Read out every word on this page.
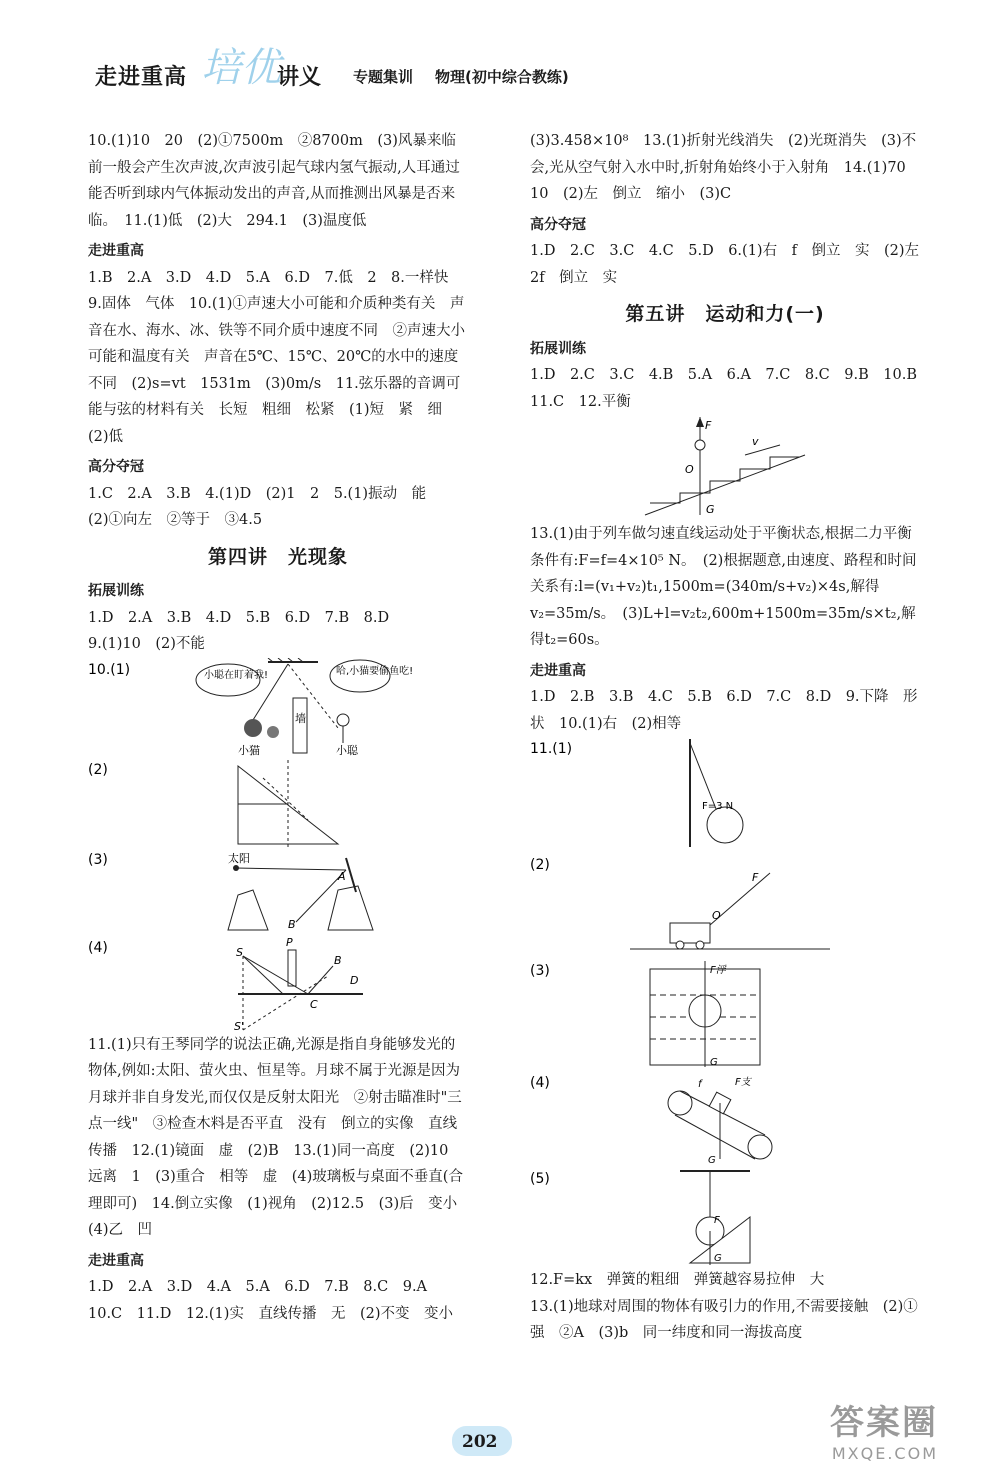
走进重高 培优
讲义 专题集训 物理(初中综合教练)

10.(1)10　20　(2)①7500m　②8700m　(3)风暴来临前一般会产生次声波,次声波引起气球内氢气振动,人耳通过能否听到球内气体振动发出的声音,从而推测出风暴是否来临。　11.(1)低　(2)大　294.1　(3)温度低

走进重高

1.B　2.A　3.D　4.D　5.A　6.D　7.低　2　8.一样快　9.固体　气体　10.(1)①声速大小可能和介质种类有关　声音在水、海水、冰、铁等不同介质中速度不同　②声速大小可能和温度有关　声音在5℃、15℃、20℃的水中的速度不同　(2)s=vt　1531m　(3)0m/s　11.弦乐器的音调可能与弦的材料有关　长短　粗细　松紧　(1)短　紧　细　(2)低

高分夺冠

1.C　2.A　3.B　4.(1)D　(2)1　2　5.(1)振动　能　(2)①向左　②等于　③4.5

第四讲　光现象
拓展训练

1.D　2.A　3.B　4.D　5.B　6.D　7.B　8.D

9.(1)10　(2)不能

10.(1)
墙
小聪在盯着我!	哈,小猫要偷鱼吃!
小猫	小聪
(2)
(3)	太阳
A
B
(4)	S
P
C
B
D
S'

11.(1)只有王琴同学的说法正确,光源是指自身能够发光的物体,例如:太阳、萤火虫、恒星等。月球不属于光源是因为月球并非自身发光,而仅仅是反射太阳光　②射击瞄准时"三点一线"　③检查木料是否平直　没有　倒立的实像　直线传播　12.(1)镜面　虚　(2)B　13.(1)同一高度　(2)10　远离　1　(3)重合　相等　虚　(4)玻璃板与桌面不垂直(合理即可)　14.倒立实像　(1)视角　(2)12.5　(3)后　变小　(4)乙　凹

走进重高

1.D　2.A　3.D　4.A　5.A　6.D　7.B　8.C　9.A　10.C　11.D　12.(1)实　直线传播　无　(2)不变　变小

(3)3.458×10⁸　13.(1)折射光线消失　(2)光斑消失　(3)不会,光从空气射入水中时,折射角始终小于入射角　14.(1)70　10　(2)左　倒立　缩小　(3)C

高分夺冠

1.D　2.C　3.C　4.C　5.D　6.(1)右　f　倒立　实　(2)左　2f　倒立　实

第五讲　运动和力(一)
拓展训练

1.D　2.C　3.C　4.B　5.A　6.A　7.C　8.C　9.B　10.B　11.C　12.平衡

F
O
G
v

13.(1)由于列车做匀速直线运动处于平衡状态,根据二力平衡条件有:F=f=4×10⁵ N。　(2)根据题意,由速度、路程和时间关系有:l=(v₁+v₂)t₁,1500m=(340m/s+v₂)×4s,解得v₂=35m/s。　(3)L+l=v₂t₂,600m+1500m=35m/s×t₂,解得t₂=60s。

走进重高

1.D　2.B　3.B　4.C　5.B　6.D　7.C　8.D　9.下降　形状　10.(1)右　(2)相等

11.(1)
F=3 N
(2)
O
F
(3)	F浮
G
(4)	f	F支
G
(5)
F
G

12.F=kx　弹簧的粗细　弹簧越容易拉伸　大

13.(1)地球对周围的物体有吸引力的作用,不需要接触　(2)①强　②A　(3)b　同一纬度和同一海拔高度

202	答案圈
MXQE.COM
